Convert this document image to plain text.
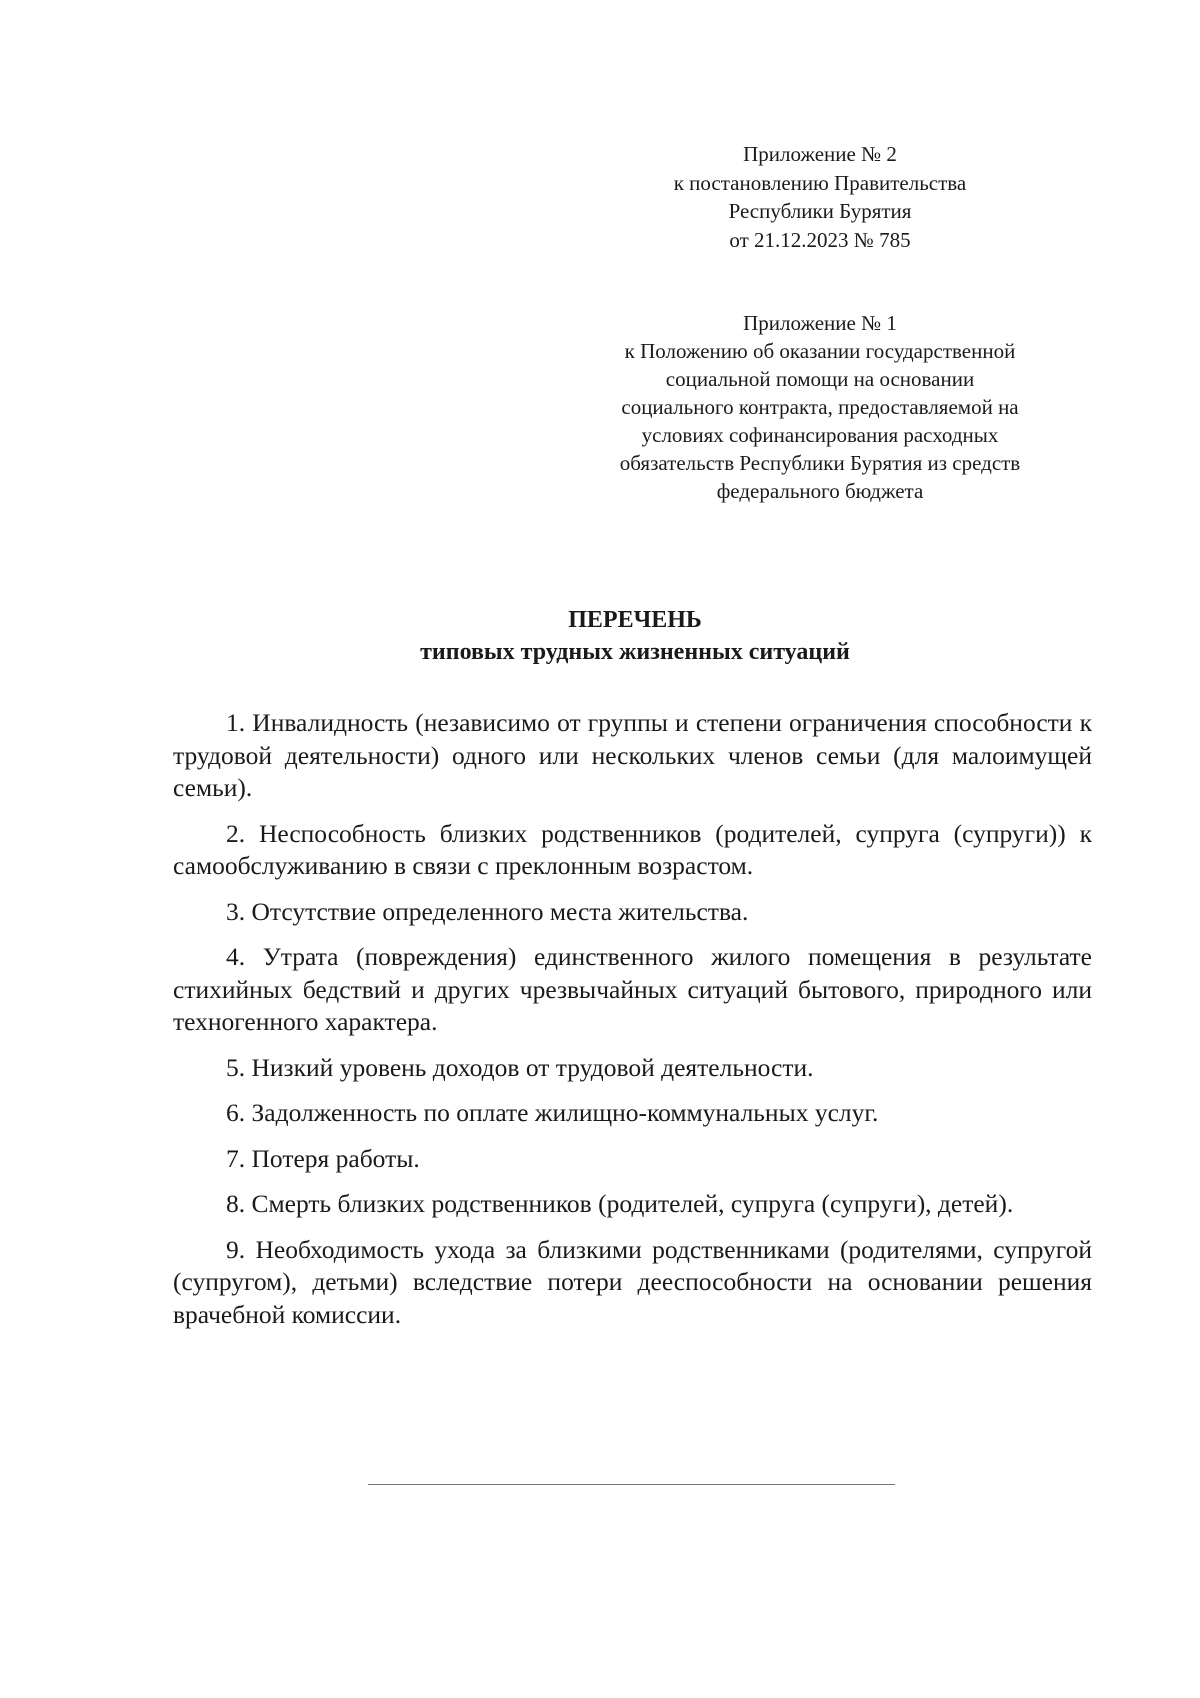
Приложение № 2
к постановлению Правительства
Республики Бурятия
от 21.12.2023 № 785
Приложение № 1
к Положению об оказании государственной
социальной помощи на основании
социального контракта, предоставляемой на
условиях софинансирования расходных
обязательств Республики Бурятия из средств
федерального бюджета
ПЕРЕЧЕНЬ
типовых трудных жизненных ситуаций

1. Инвалидность (независимо от группы и степени ограничения способности к трудовой деятельности) одного или нескольких членов семьи (для малоимущей семьи).

2. Неспособность близких родственников (родителей, супруга (супруги)) к самообслуживанию в связи с преклонным возрастом.

3. Отсутствие определенного места жительства.

4. Утрата (повреждения) единственного жилого помещения в результате стихийных бедствий и других чрезвычайных ситуаций бытового, природного или техногенного характера.

5. Низкий уровень доходов от трудовой деятельности.

6. Задолженность по оплате жилищно-коммунальных услуг.

7. Потеря работы.

8. Смерть близких родственников (родителей, супруга (супруги), детей).

9. Необходимость ухода за близкими родственниками (родителями, супругой (супругом), детьми) вследствие потери дееспособности на основании решения врачебной комиссии.
